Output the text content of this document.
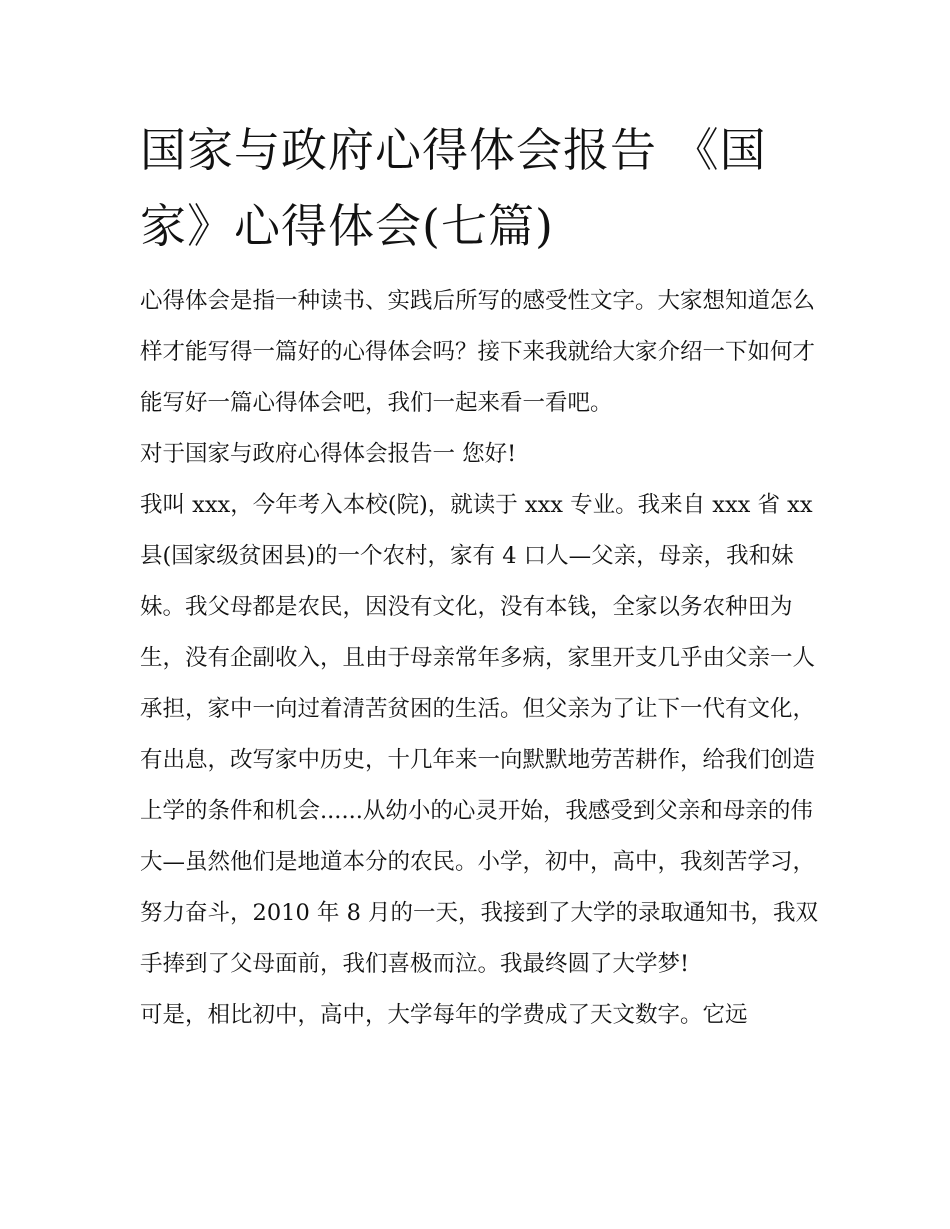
国家与政府心得体会报告 《国家》心得体会(七篇)

心得体会是指一种读书、实践后所写的感受性文字。大家想知道怎么样才能写得一篇好的心得体会吗？接下来我就给大家介绍一下如何才能写好一篇心得体会吧，我们一起来看一看吧。

对于国家与政府心得体会报告一 您好!

我叫 xxx，今年考入本校(院)，就读于 xxx 专业。我来自 xxx 省 xx 县(国家级贫困县)的一个农村，家有 4 口人—父亲，母亲，我和妹妹。我父母都是农民，因没有文化，没有本钱，全家以务农种田为生，没有企副收入，且由于母亲常年多病，家里开支几乎由父亲一人承担，家中一向过着清苦贫困的生活。但父亲为了让下一代有文化，有出息，改写家中历史，十几年来一向默默地劳苦耕作，给我们创造上学的条件和机会......从幼小的心灵开始，我感受到父亲和母亲的伟大—虽然他们是地道本分的农民。小学，初中，高中，我刻苦学习，努力奋斗，2010 年 8 月的一天，我接到了大学的录取通知书，我双手捧到了父母面前，我们喜极而泣。我最终圆了大学梦!

可是，相比初中，高中，大学每年的学费成了天文数字。它远
